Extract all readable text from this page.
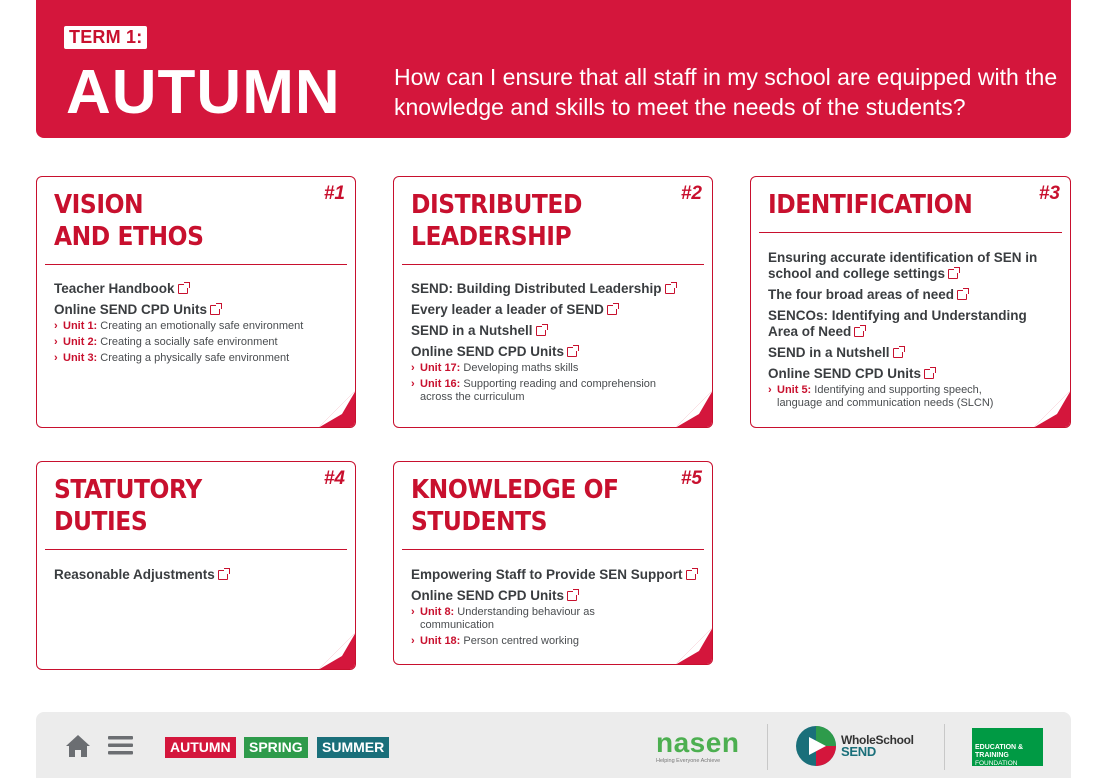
TERM 1:
AUTUMN How can I ensure that all staff in my school are equipped with the knowledge and skills to meet the needs of the students?
#1
VISION
AND ETHOS
Teacher Handbook
Online SEND CPD Units
› Unit 1: Creating an emotionally safe environment
› Unit 2: Creating a socially safe environment
› Unit 3: Creating a physically safe environment
#2
DISTRIBUTED
LEADERSHIP
SEND: Building Distributed Leadership
Every leader a leader of SEND
SEND in a Nutshell
Online SEND CPD Units
› Unit 17: Developing maths skills
› Unit 16: Supporting reading and comprehension across the curriculum
#3
IDENTIFICATION
Ensuring accurate identification of SEN in school and college settings
The four broad areas of need
SENCOs: Identifying and Understanding Area of Need
SEND in a Nutshell
Online SEND CPD Units
› Unit 5: Identifying and supporting speech, language and communication needs (SLCN)
#4
STATUTORY
DUTIES
Reasonable Adjustments
#5
KNOWLEDGE OF
STUDENTS
Empowering Staff to Provide SEN Support
Online SEND CPD Units
› Unit 8: Understanding behaviour as communication
› Unit 18: Person centred working
AUTUMN	SPRING	SUMMER	nasen
Helping Everyone Achieve
WholeSchool
SEND	EDUCATION & TRAINING
FOUNDATION
